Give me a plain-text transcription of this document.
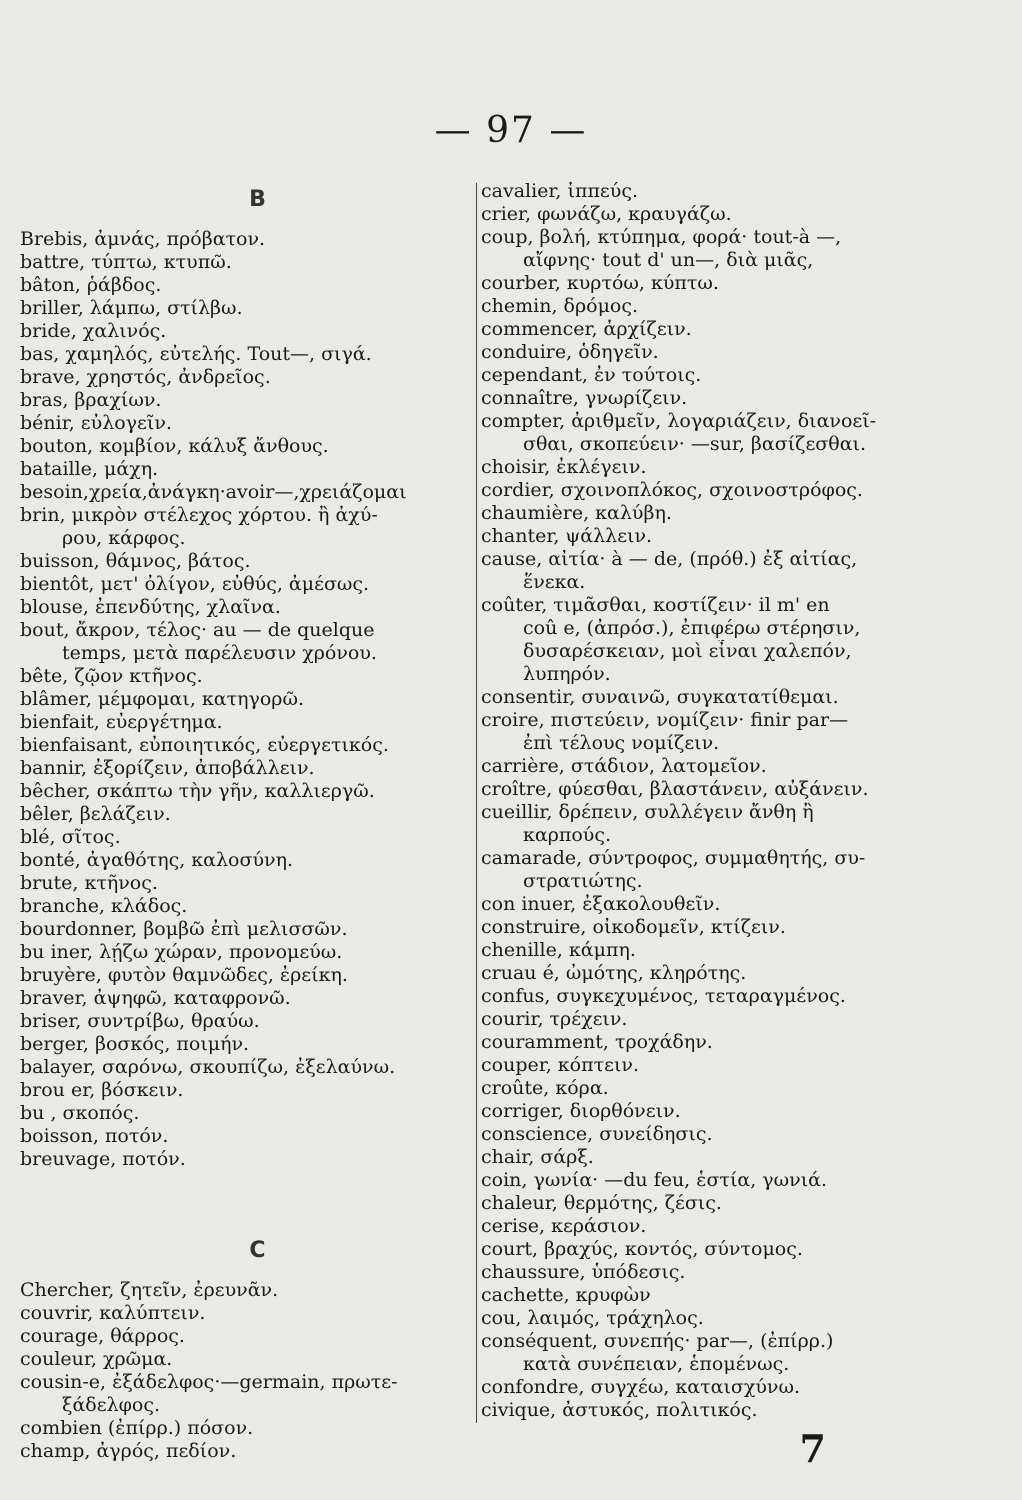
— 97 —
B
Brebis, ἀμνάς, πρόβατον.
battre, τύπτω, κτυπῶ.
bâton, ῥάβδος.
briller, λάμπω, στίλβω.
bride, χαλινός.
bas, χαμηλός, εὐτελής. Tout—, σιγά.
brave, χρηστός, ἀνδρεῖος.
bras, βραχίων.
bénir, εὐλογεῖν.
bouton, κομβίον, κάλυξ ἄνθους.
bataille, μάχη.
besoin,χρεία,ἀνάγκη·avoir—,χρειάζομαι
brin, μικρὸν στέλεχος χόρτου. ἢ ἀχύ-
ρου, κάρφος.
buisson, θάμνος, βάτος.
bientôt, μετ' ὀλίγον, εὐθύς, ἀμέσως.
blouse, ἐπενδύτης, χλαῖνα.
bout, ἄκρον, τέλος· au — de quelque
temps, μετὰ παρέλευσιν χρόνου.
bête, ζῷον κτῆνος.
blâmer, μέμφομαι, κατηγορῶ.
bienfait, εὐεργέτημα.
bienfaisant, εὐποιητικός, εὐεργετικός.
bannir, ἐξορίζειν, ἀποβάλλειν.
bêcher, σκάπτω τὴν γῆν, καλλιεργῶ.
bêler, βελάζειν.
blé, σῖτος.
bonté, ἀγαθότης, καλοσύνη.
brute, κτῆνος.
branche, κλάδος.
bourdonner, βομβῶ ἐπὶ μελισσῶν.
bu iner, λῄζω χώραν, προνομεύω.
bruyère, φυτὸν θαμνῶδες, ἐρείκη.
braver, ἀψηφῶ, καταφρονῶ.
briser, συντρίβω, θραύω.
berger, βοσκός, ποιμήν.
balayer, σαρόνω, σκουπίζω, ἐξελαύνω.
brou er, βόσκειν.
bu , σκοπός.
boisson, ποτόν.
breuvage, ποτόν.
C
Chercher, ζητεῖν, ἐρευνᾶν.
couvrir, καλύπτειν.
courage, θάρρος.
couleur, χρῶμα.
cousin-e, ἐξάδελφος·—germain, πρωτε-
ξάδελφος.
combien (ἐπίρρ.) πόσον.
champ, ἀγρός, πεδίον.
cavalier, ἱππεύς.
crier, φωνάζω, κραυγάζω.
coup, βολή, κτύπημα, φορά· tout-à —,
αἴφνης· tout d' un—, διὰ μιᾶς,
courber, κυρτόω, κύπτω.
chemin, δρόμος.
commencer, ἀρχίζειν.
conduire, ὁδηγεῖν.
cependant, ἐν τούτοις.
connaître, γνωρίζειν.
compter, ἀριθμεῖν, λογαριάζειν, διανοεῖ-
σθαι, σκοπεύειν· —sur, βασίζεσθαι.
choisir, ἐκλέγειν.
cordier, σχοινοπλόκος, σχοινοστρόφος.
chaumière, καλύβη.
chanter, ψάλλειν.
cause, αἰτία· à — de, (πρόθ.) ἐξ αἰτίας,
ἕνεκα.
coûter, τιμᾶσθαι, κοστίζειν· il m' en
coû e, (ἀπρόσ.), ἐπιφέρω στέρησιν,
δυσαρέσκειαν, μοὶ εἶναι χαλεπόν,
λυπηρόν.
consentir, συναινῶ, συγκατατίθεμαι.
croire, πιστεύειν, νομίζειν· finir par—
ἐπὶ τέλους νομίζειν.
carrière, στάδιον, λατομεῖον.
croître, φύεσθαι, βλαστάνειν, αὐξάνειν.
cueillir, δρέπειν, συλλέγειν ἄνθη ἢ
καρπούς.
camarade, σύντροφος, συμμαθητής, συ-
στρατιώτης.
con inuer, ἐξακολουθεῖν.
construire, οἰκοδομεῖν, κτίζειν.
chenille, κάμπη.
cruau é, ὠμότης, κληρότης.
confus, συγκεχυμένος, τεταραγμένος.
courir, τρέχειν.
couramment, τροχάδην.
couper, κόπτειν.
croûte, κόρα.
corriger, διορθόνειν.
conscience, συνείδησις.
chair, σάρξ.
coin, γωνία· —du feu, ἑστία, γωνιά.
chaleur, θερμότης, ζέσις.
cerise, κεράσιον.
court, βραχύς, κοντός, σύντομος.
chaussure, ὑπόδεσις.
cachette, κρυφὼν
cou, λαιμός, τράχηλος.
conséquent, συνεπής· par—, (ἐπίρρ.)
κατὰ συνέπειαν, ἑπομένως.
confondre, συγχέω, καταισχύνω.
civique, ἀστυκός, πολιτικός.
7
